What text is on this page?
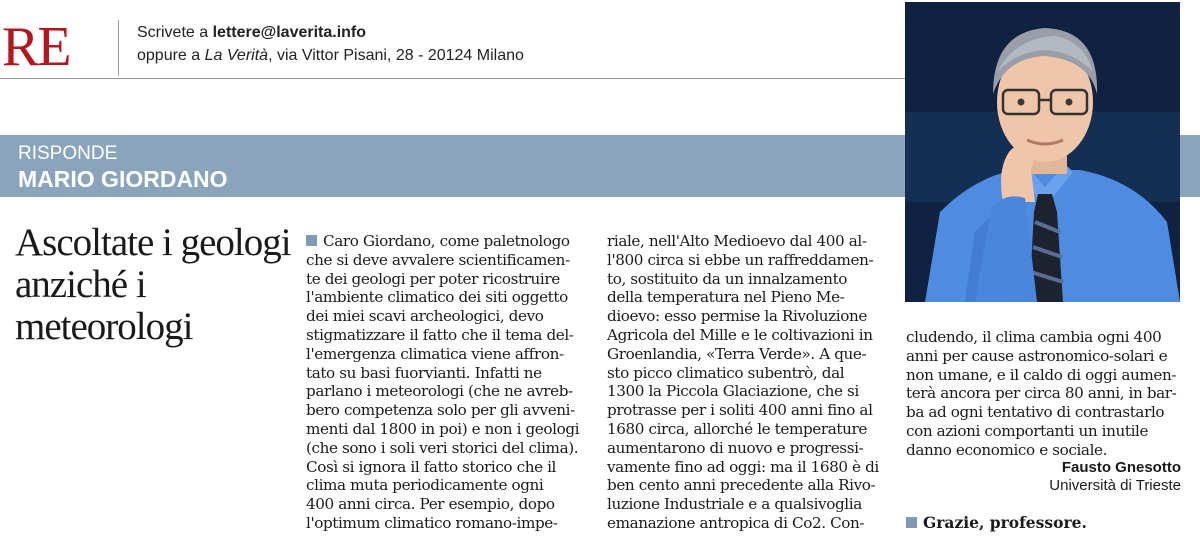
RE	Scrivete a lettere@laverita.info
oppure a La Verità, via Vittor Pisani, 28 - 20124 Milano
RISPONDE
MARIO GIORDANO
Ascoltate i geologi anziché i meteorologi
Caro Giordano, come paletnologo
che si deve avvalere scientificamen-
te dei geologi per poter ricostruire
l'ambiente climatico dei siti oggetto
dei miei scavi archeologici, devo
stigmatizzare il fatto che il tema del-
l'emergenza climatica viene affron-
tato su basi fuorvianti. Infatti ne
parlano i meteorologi (che ne avreb-
bero competenza solo per gli avveni-
menti dal 1800 in poi) e non i geologi
(che sono i soli veri storici del clima).
Così si ignora il fatto storico che il
clima muta periodicamente ogni
400 anni circa. Per esempio, dopo
l'optimum climatico romano-impe-
riale, nell'Alto Medioevo dal 400 al-
l'800 circa si ebbe un raffreddamen-
to, sostituito da un innalzamento
della temperatura nel Pieno Me-
dioevo: esso permise la Rivoluzione
Agricola del Mille e le coltivazioni in
Groenlandia, «Terra Verde». A que-
sto picco climatico subentrò, dal
1300 la Piccola Glaciazione, che si
protrasse per i soliti 400 anni fino al
1680 circa, allorché le temperature
aumentarono di nuovo e progressi-
vamente fino ad oggi: ma il 1680 è di
ben cento anni precedente alla Rivo-
luzione Industriale e a qualsivoglia
emanazione antropica di Co2. Con-
cludendo, il clima cambia ogni 400
anni per cause astronomico-solari e
non umane, e il caldo di oggi aumen-
terà ancora per circa 80 anni, in bar-
ba ad ogni tentativo di contrastarlo
con azioni comportanti un inutile
danno economico e sociale.
Fausto Gnesotto
Università di Trieste
Grazie, professore.
